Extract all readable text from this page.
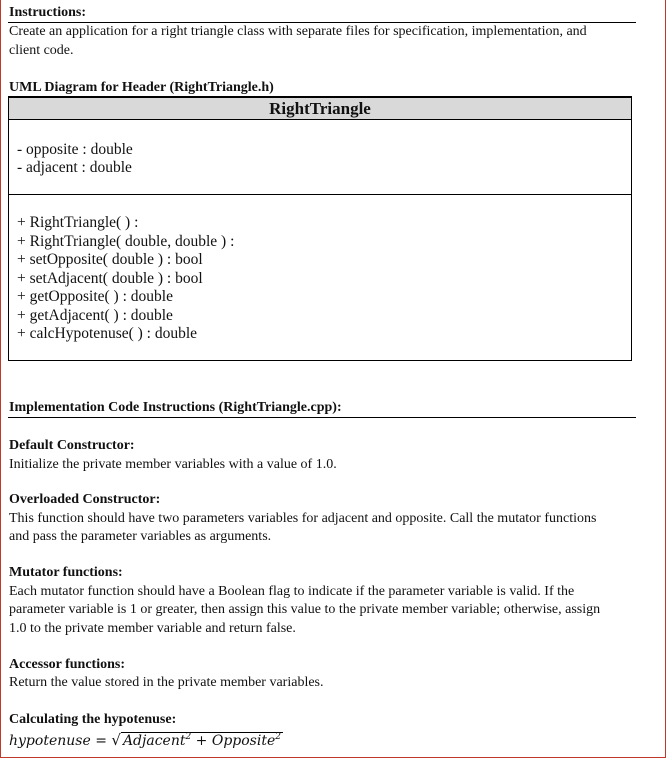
Instructions:
Create an application for a right triangle class with separate files for specification, implementation, and
client code.
UML Diagram for Header (RightTriangle.h)
RightTriangle
- opposite : double
- adjacent : double
+ RightTriangle( ) :
+ RightTriangle( double, double ) :
+ setOpposite( double ) : bool
+ setAdjacent( double ) : bool
+ getOpposite( ) : double
+ getAdjacent( ) : double
+ calcHypotenuse( ) : double
Implementation Code Instructions (RightTriangle.cpp):
Default Constructor:
Initialize the private member variables with a value of 1.0.
Overloaded Constructor:
This function should have two parameters variables for adjacent and opposite. Call the mutator functions
and pass the parameter variables as arguments.
Mutator functions:
Each mutator function should have a Boolean flag to indicate if the parameter variable is valid. If the
parameter variable is 1 or greater, then assign this value to the private member variable; otherwise, assign
1.0 to the private member variable and return false.
Accessor functions:
Return the value stored in the private member variables.
Calculating the hypotenuse:
hypotenuse = √ Adjacent$^2$ + Opposite$^2$
